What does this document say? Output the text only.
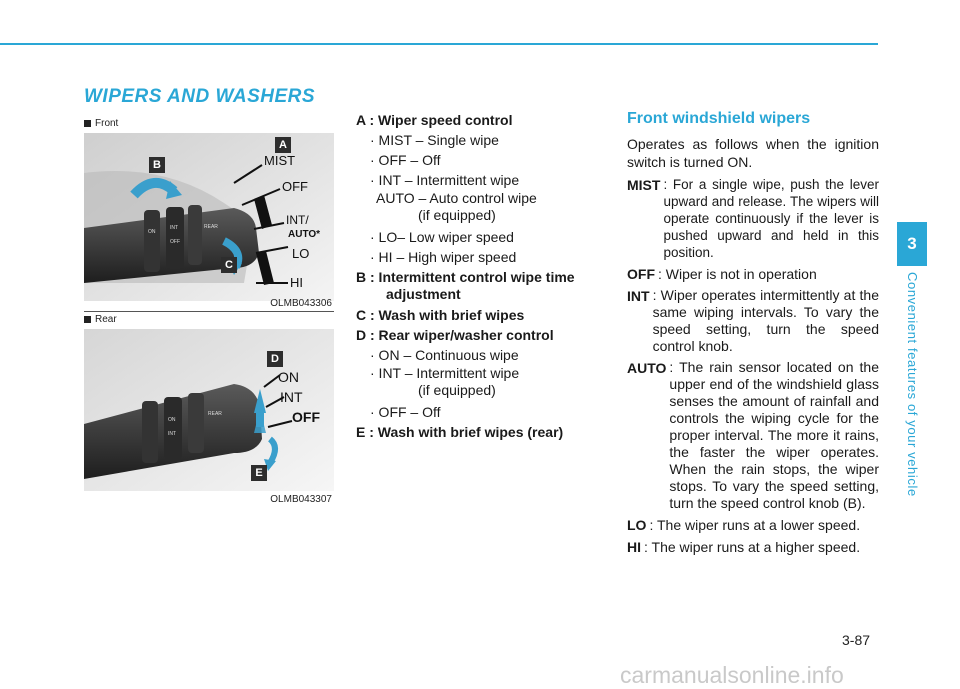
WIPERS AND WASHERS
Front
ON
INT
OFF
REAR
A
B
C
MIST
OFF
INT/
AUTO*
LO
HI
OLMB043306
Rear
ON
INT
REAR
D
E
ON
INT
OFF
OLMB043307
A : Wiper speed control
· MIST – Single wipe
· OFF – Off
· INT – Intermittent wipe
AUTO – Auto control wipe
(if equipped)
· LO– Low wiper speed
· HI – High wiper speed
B : Intermittent control wipe time adjustment
C : Wash with brief wipes
D : Rear wiper/washer control
· ON – Continuous wipe
· INT – Intermittent wipe
(if equipped)
· OFF – Off
E : Wash with brief wipes (rear)
Front windshield wipers

Operates as follows when the ignition switch is turned ON.

MIST : For a single wipe, push the lever upward and release. The wipers will operate continuously if the lever is pushed upward and held in this position.
OFF : Wiper is not in operation
INT : Wiper operates intermittently at the same wiping intervals. To vary the speed setting, turn the speed control knob.
AUTO : The rain sensor located on the upper end of the windshield glass senses the amount of rainfall and controls the wiping cycle for the proper interval. The more it rains, the faster the wiper operates. When the rain stops, the wiper stops. To vary the speed setting, turn the speed control knob (B).
LO : The wiper runs at a lower speed.
HI : The wiper runs at a higher speed.
3
Convenient features of your vehicle
3-87
carmanualsonline.info
